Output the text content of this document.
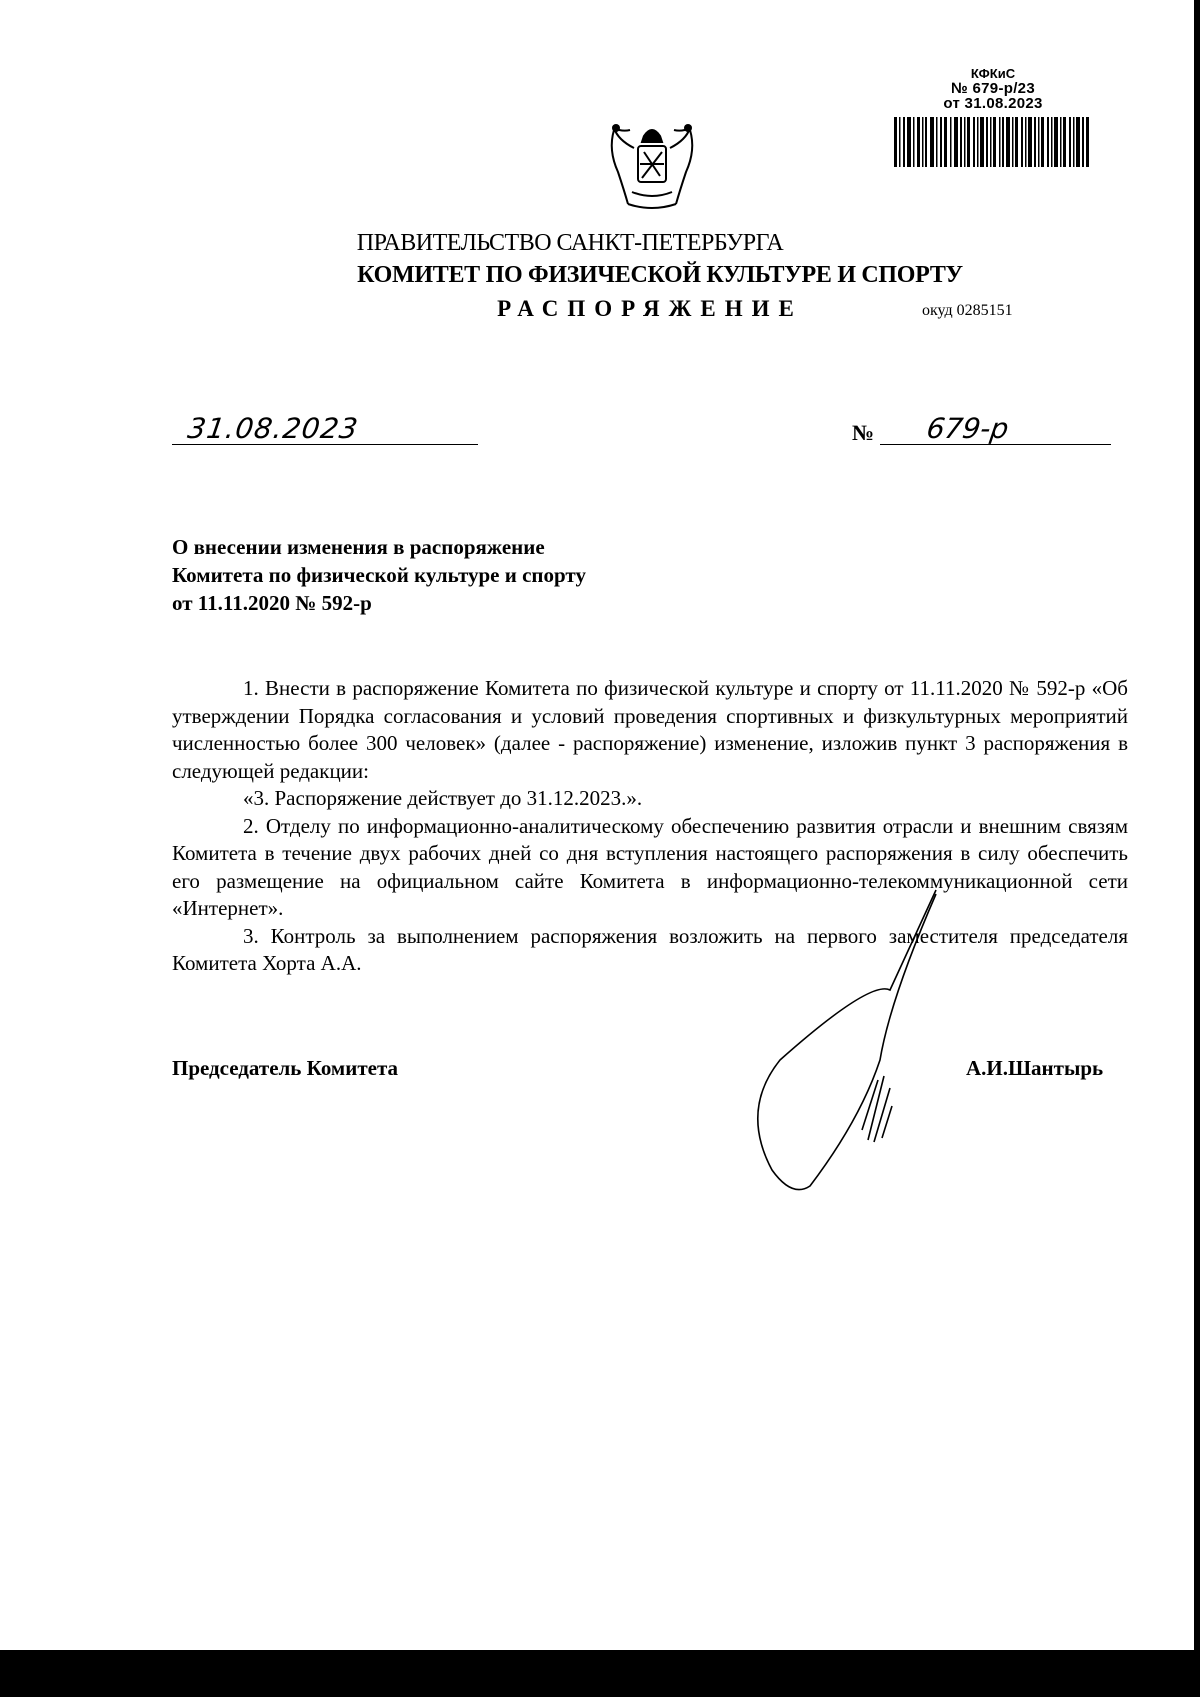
КФКиС
№ 679-р/23
от 31.08.2023
ПРАВИТЕЛЬСТВО САНКТ-ПЕТЕРБУРГА
КОМИТЕТ ПО ФИЗИЧЕСКОЙ КУЛЬТУРЕ И СПОРТУ
РАСПОРЯЖЕНИЕ	окуд 0285151
31.08.2023	№ 679-р
О внесении изменения в распоряжение
Комитета по физической культуре и спорту
от 11.11.2020 № 592-р

1. Внести в распоряжение Комитета по физической культуре и спорту от 11.11.2020 № 592-р «Об утверждении Порядка согласования и условий проведения спортивных и физкультурных мероприятий численностью более 300 человек» (далее - распоряжение) изменение, изложив пункт 3 распоряжения в следующей редакции:

«3. Распоряжение действует до 31.12.2023.».

2. Отделу по информационно-аналитическому обеспечению развития отрасли и внешним связям Комитета в течение двух рабочих дней со дня вступления настоящего распоряжения в силу обеспечить его размещение на официальном сайте Комитета в информационно-телекоммуникационной сети «Интернет».

3. Контроль за выполнением распоряжения возложить на первого заместителя председателя Комитета Хорта А.А.

Председатель Комитета	А.И.Шантырь
